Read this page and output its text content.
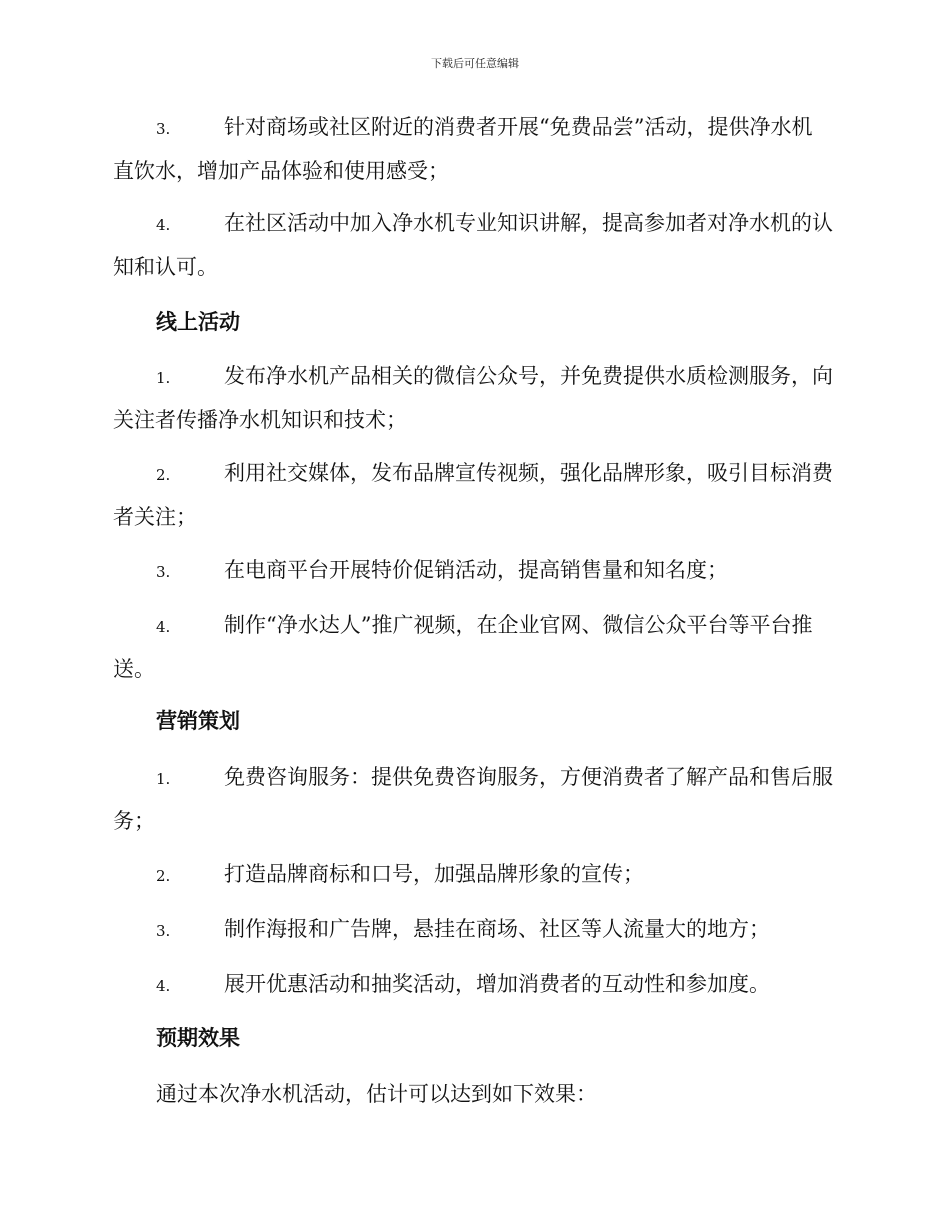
下载后可任意编辑
3.	针对商场或社区附近的消费者开展“免费品尝”活动，提供净水机直饮水，增加产品体验和使用感受；
4.	在社区活动中加入净水机专业知识讲解，提高参加者对净水机的认知和认可。
线上活动
1.	发布净水机产品相关的微信公众号，并免费提供水质检测服务，向关注者传播净水机知识和技术；
2.	利用社交媒体，发布品牌宣传视频，强化品牌形象，吸引目标消费者关注；
3.	在电商平台开展特价促销活动，提高销售量和知名度；
4.	制作“净水达人”推广视频，在企业官网、微信公众平台等平台推送。
营销策划
1.	免费咨询服务：提供免费咨询服务，方便消费者了解产品和售后服务；
2.	打造品牌商标和口号，加强品牌形象的宣传；
3.	制作海报和广告牌，悬挂在商场、社区等人流量大的地方；
4.	展开优惠活动和抽奖活动，增加消费者的互动性和参加度。
预期效果
通过本次净水机活动，估计可以达到如下效果：
